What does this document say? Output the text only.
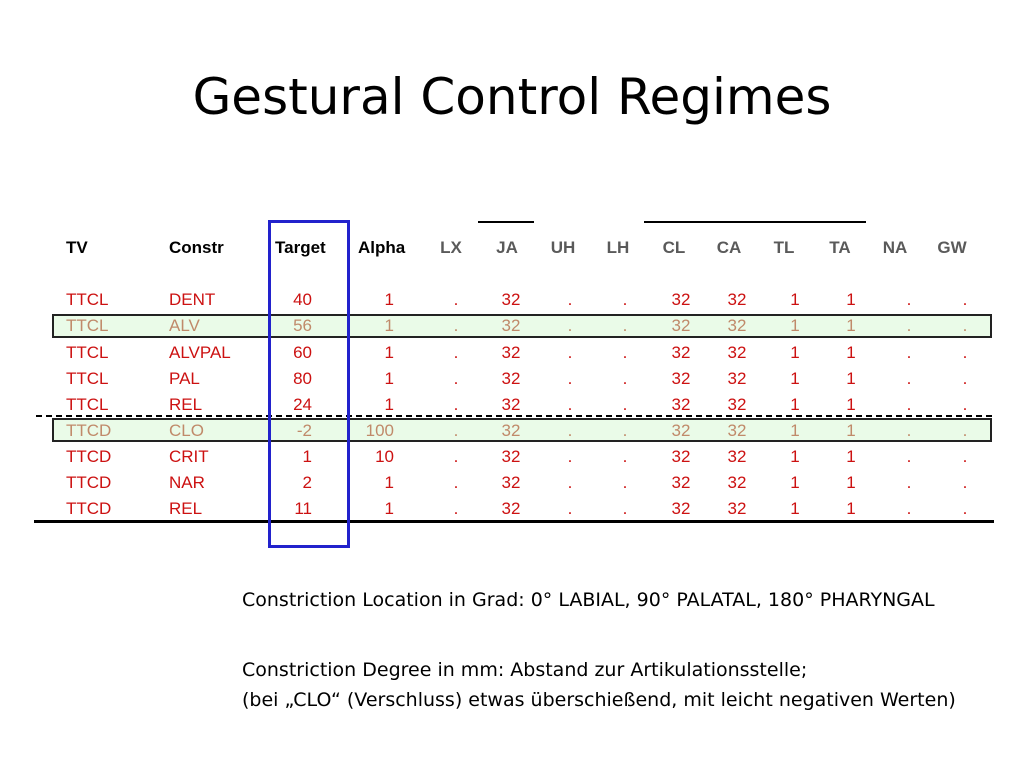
Gestural Control Regimes
TV	Constr	Target	Alpha	LX JA UH LH CL CA TL TA NA GW
TTCL	DENT	40	1	.	32	.	.	32	32	1	1	.	.
TTCL	ALV	56	1	.	32	.	.	32	32	1	1	.	.
TTCL	ALVPAL	60	1	.	32	.	.	32	32	1	1	.	.
TTCL	PAL	80	1	.	32	.	.	32	32	1	1	.	.
TTCL	REL	24	1	.	32	.	.	32	32	1	1	.	.
TTCD	CLO	-2	100	.	32	.	.	32	32	1	1	.	.
TTCD	CRIT	1	10	.	32	.	.	32	32	1	1	.	.
TTCD	NAR	2	1	.	32	.	.	32	32	1	1	.	.
TTCD	REL	11	1	.	32	.	.	32	32	1	1	.	.
Constriction Location in Grad: 0° LABIAL, 90° PALATAL, 180° PHARYNGAL
Constriction Degree in mm: Abstand zur Artikulationsstelle;
(bei „CLO“ (Verschluss) etwas überschießend, mit leicht negativen Werten)
